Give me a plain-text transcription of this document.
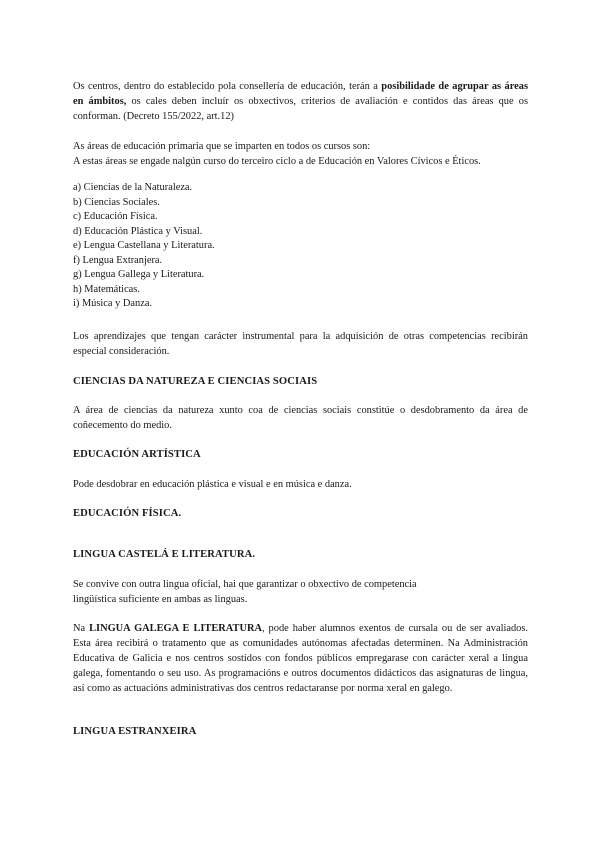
Os centros, dentro do establecido pola consellería de educación, terán a posibilidade de agrupar as áreas en ámbitos, os cales deben incluír os obxectivos, criterios de avaliación e contidos das áreas que os conforman. (Decreto 155/2022, art.12)

As áreas de educación primaria que se imparten en todos os cursos son:
A estas áreas se engade nalgún curso do terceiro ciclo a de Educación en Valores Cívicos e Éticos.

a) Ciencias de la Naturaleza.
b) Ciencias Sociales.
c) Educación Física.
d) Educación Plástica y Visual.
e) Lengua Castellana y Literatura.
f) Lengua Extranjera.
g) Lengua Gallega y Literatura.
h) Matemáticas.
i) Música y Danza.

Los aprendizajes que tengan carácter instrumental para la adquisición de otras competencias recibirán especial consideración.

CIENCIAS DA NATUREZA E CIENCIAS SOCIAIS

A área de ciencias da natureza xunto coa de ciencias sociais constitúe o desdobramento da área de coñecemento do medio.

EDUCACIÓN ARTÍSTICA

Pode desdobrar en educación plástica e visual e en música e danza.

EDUCACIÓN FÍSICA.

LINGUA CASTELÁ E LITERATURA.

Se convive con outra lingua oficial, hai que garantizar o obxectivo de competencia
lingüística suficiente en ambas as linguas.

Na LINGUA GALEGA E LITERATURA, pode haber alumnos exentos de cursala ou de ser avaliados. Esta área recibirá o tratamento que as comunidades autónomas afectadas determinen. Na Administración Educativa de Galicia e nos centros sostidos con fondos públicos empregarase con carácter xeral a lingua galega, fomentando o seu uso. As programacións e outros documentos didácticos das asignaturas de lingua, así como as actuacións administrativas dos centros redactaranse por norma xeral en galego.

LINGUA ESTRANXEIRA
